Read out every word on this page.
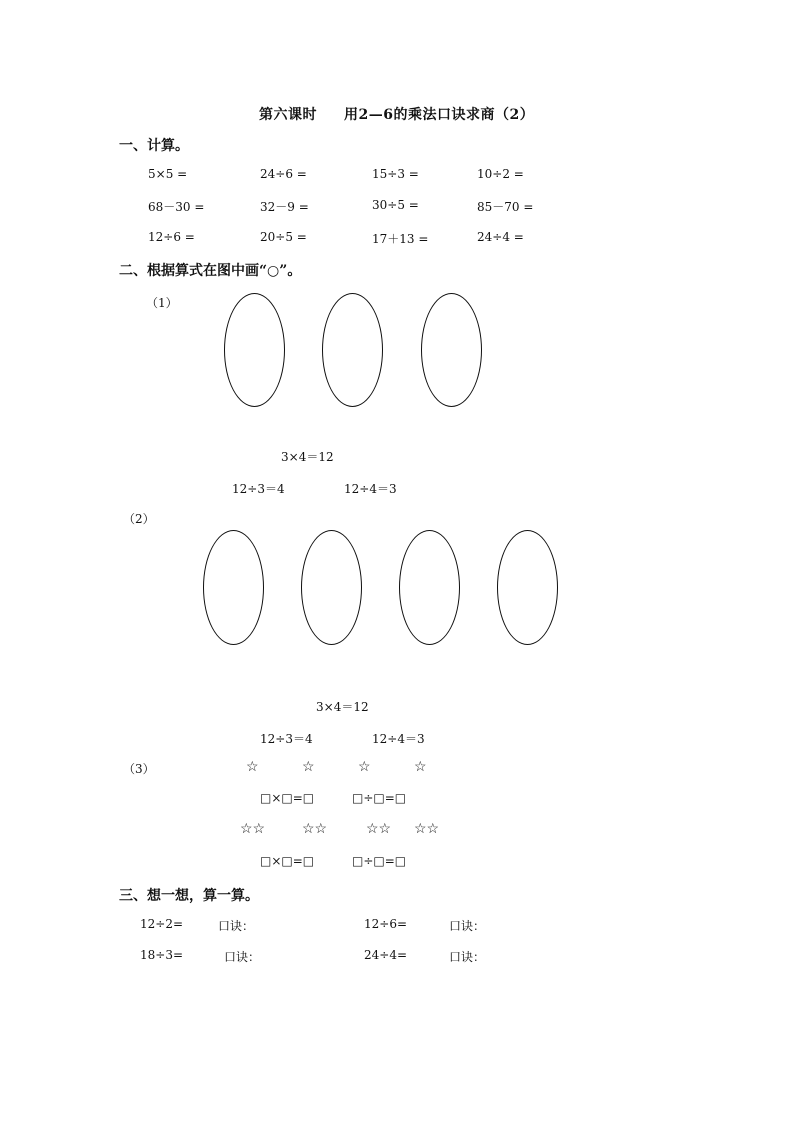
第六课时 用2—6的乘法口诀求商（2）
一、计算。
5×5 =	24÷6 =	15÷3 =	10÷2 =
68－30 =	32－9 =	30÷5 =	85－70 =
12÷6 =	20÷5 =	17＋13 =	24÷4 =
二、根据算式在图中画“○”。
（1）
3×4＝12
12÷3＝4	12÷4＝3
（2）
3×4＝12
12÷3＝4	12÷4＝3
（3）	☆	☆	☆	☆
□×□=□	□÷□=□
☆☆	☆☆	☆☆ ☆☆
□×□=□	□÷□=□
三、想一想，算一算。
12÷2=	口诀：	12÷6=	口诀：
18÷3=	口诀：	24÷4=	口诀：
